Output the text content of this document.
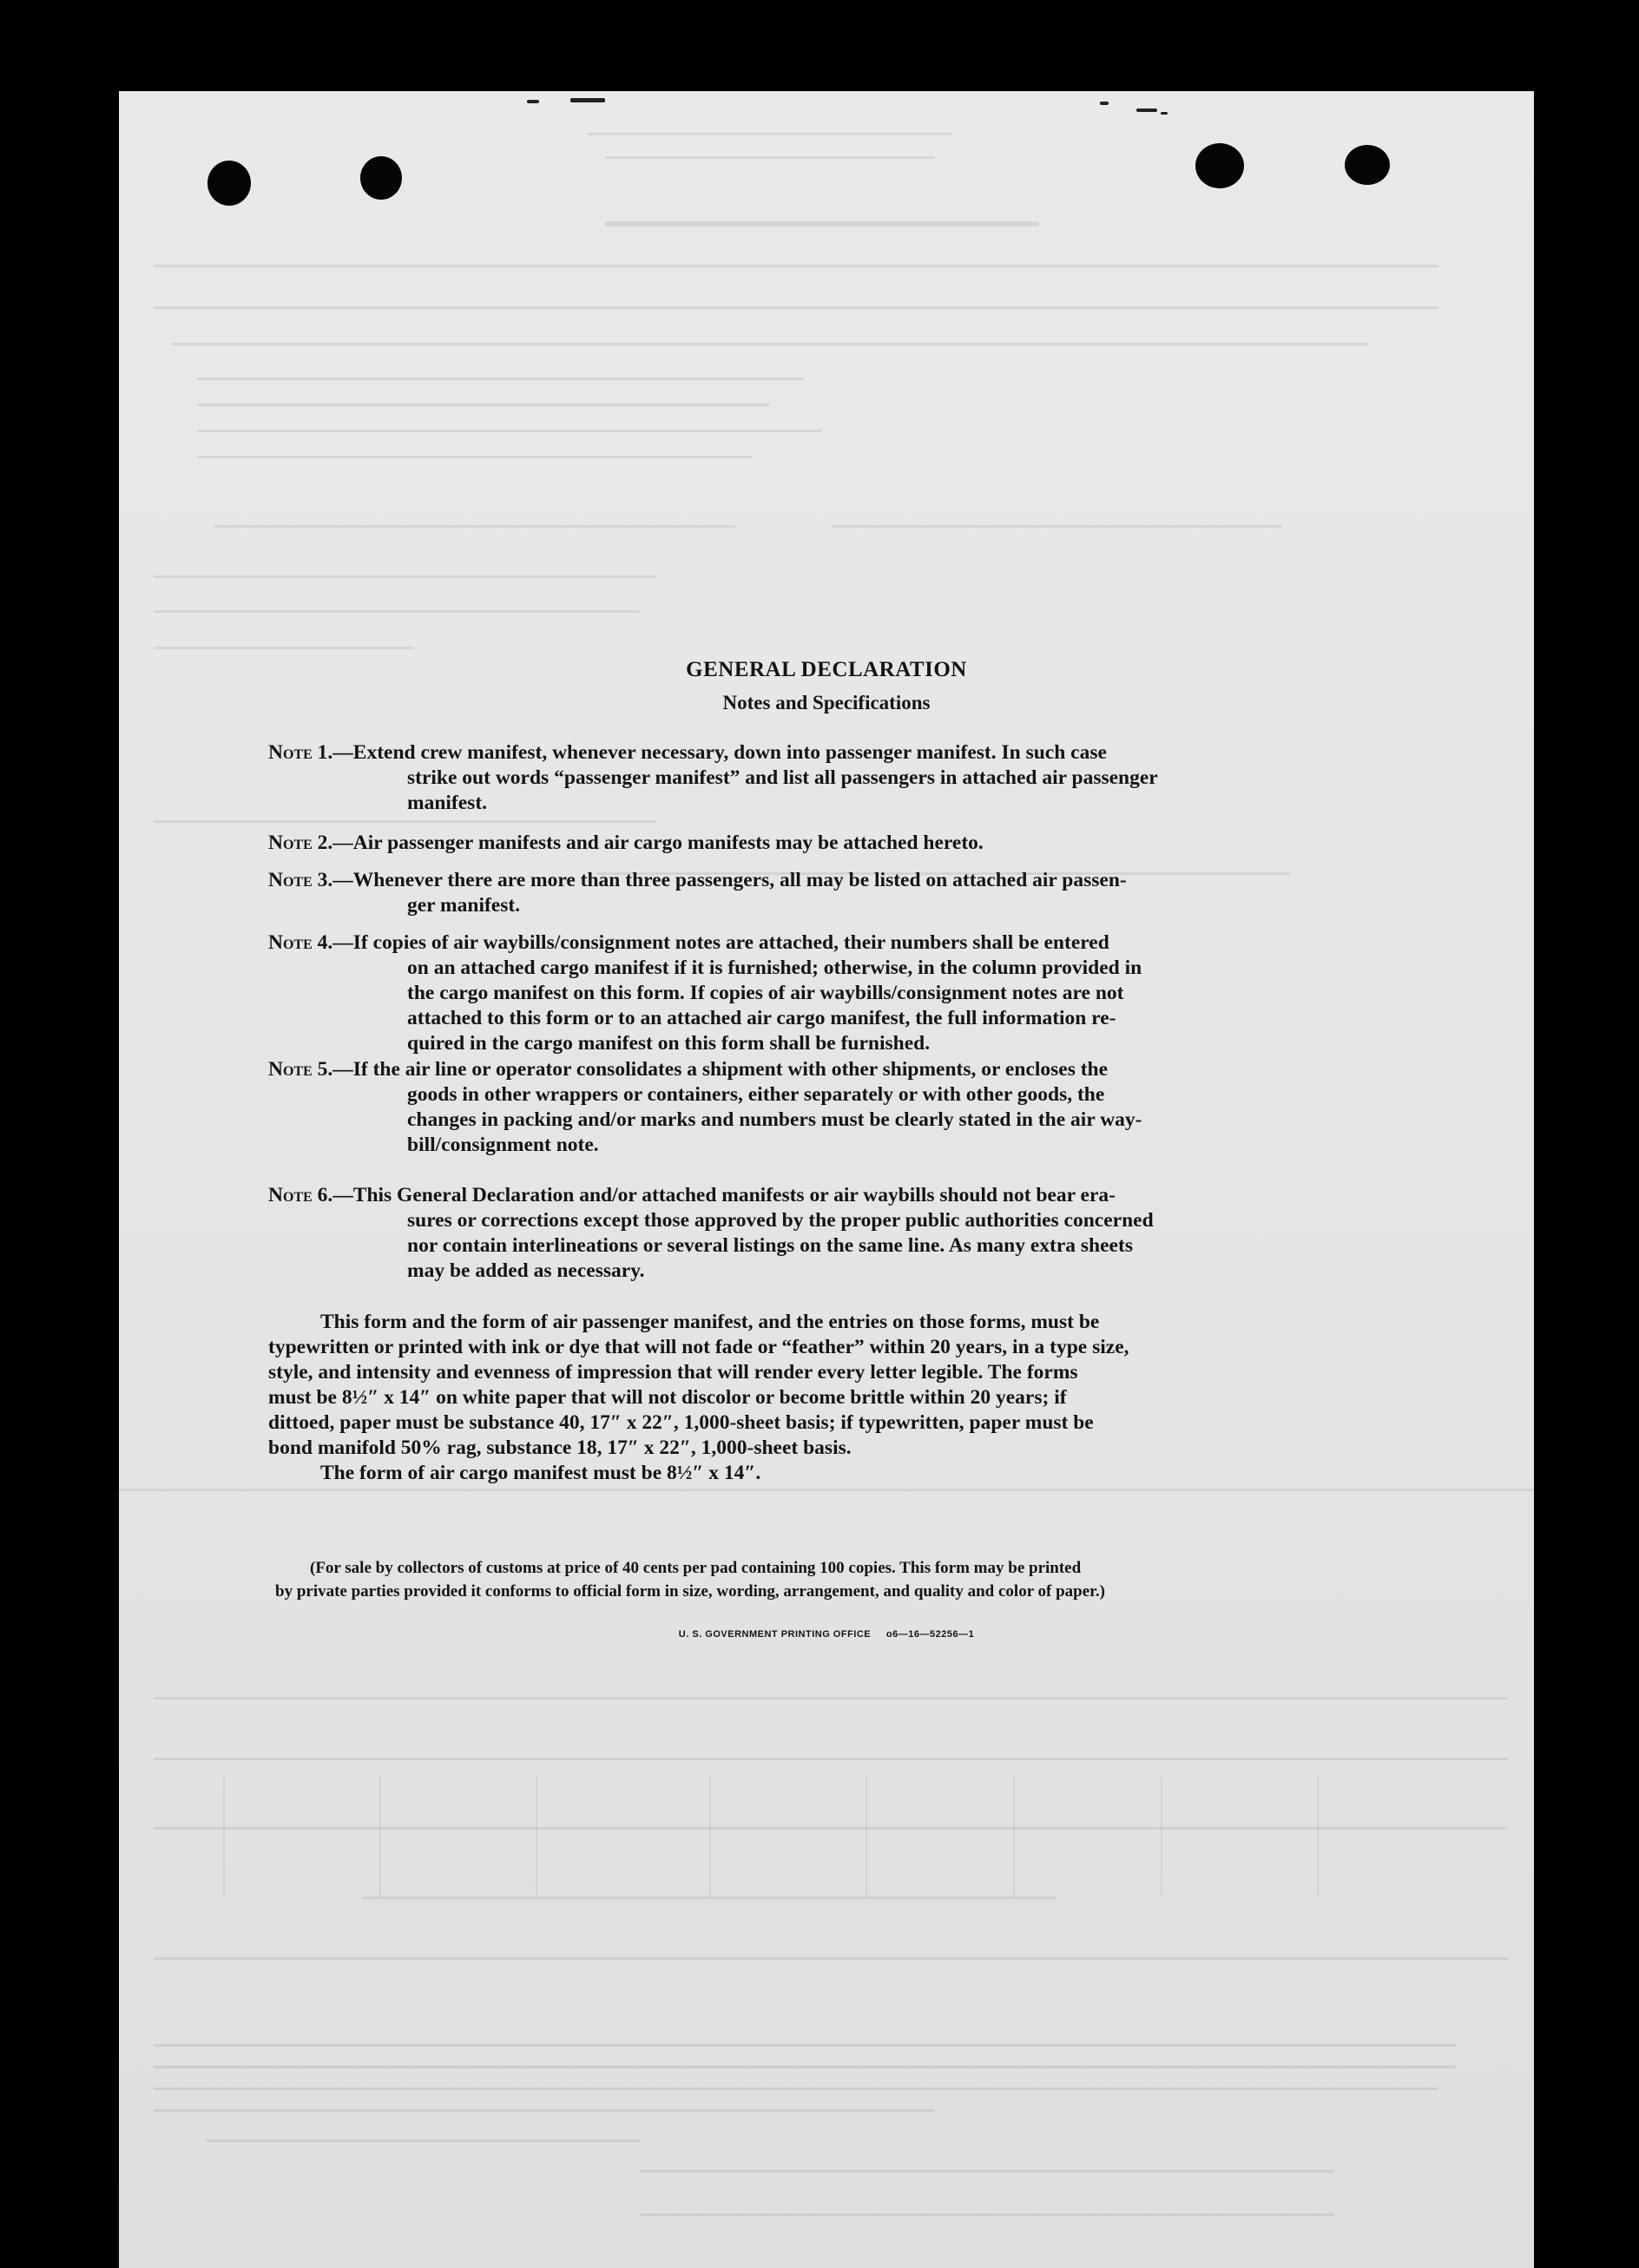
GENERAL DECLARATION
Notes and Specifications
Note 1. — Extend crew manifest, whenever necessary, down into passenger manifest. In such case
strike out words “passenger manifest” and list all passengers in attached air passenger
manifest.
Note 2. — Air passenger manifests and air cargo manifests may be attached hereto.
Note 3. — Whenever there are more than three passengers, all may be listed on attached air passen-
ger manifest.
Note 4. — If copies of air waybills/consignment notes are attached, their numbers shall be entered
on an attached cargo manifest if it is furnished; otherwise, in the column provided in
the cargo manifest on this form. If copies of air waybills/consignment notes are not
attached to this form or to an attached air cargo manifest, the full information re-
quired in the cargo manifest on this form shall be furnished.
Note 5. — If the air line or operator consolidates a shipment with other shipments, or encloses the
goods in other wrappers or containers, either separately or with other goods, the
changes in packing and/or marks and numbers must be clearly stated in the air way-
bill/consignment note.
Note 6. — This General Declaration and/or attached manifests or air waybills should not bear era-
sures or corrections except those approved by the proper public authorities concerned
nor contain interlineations or several listings on the same line. As many extra sheets
may be added as necessary.
This form and the form of air passenger manifest, and the entries on those forms, must be
typewritten or printed with ink or dye that will not fade or “feather” within 20 years, in a type size,
style, and intensity and evenness of impression that will render every letter legible. The forms
must be 8½″ x 14″ on white paper that will not discolor or become brittle within 20 years; if
dittoed, paper must be substance 40, 17″ x 22″, 1,000-sheet basis; if typewritten, paper must be
bond manifold 50% rag, substance 18, 17″ x 22″, 1,000-sheet basis.
The form of air cargo manifest must be 8½″ x 14″.
(For sale by collectors of customs at price of 40 cents per pad containing 100 copies. This form may be printed
by private parties provided it conforms to official form in size, wording, arrangement, and quality and color of paper.)
U. S. GOVERNMENT PRINTING OFFICE     o6—16—52256—1
